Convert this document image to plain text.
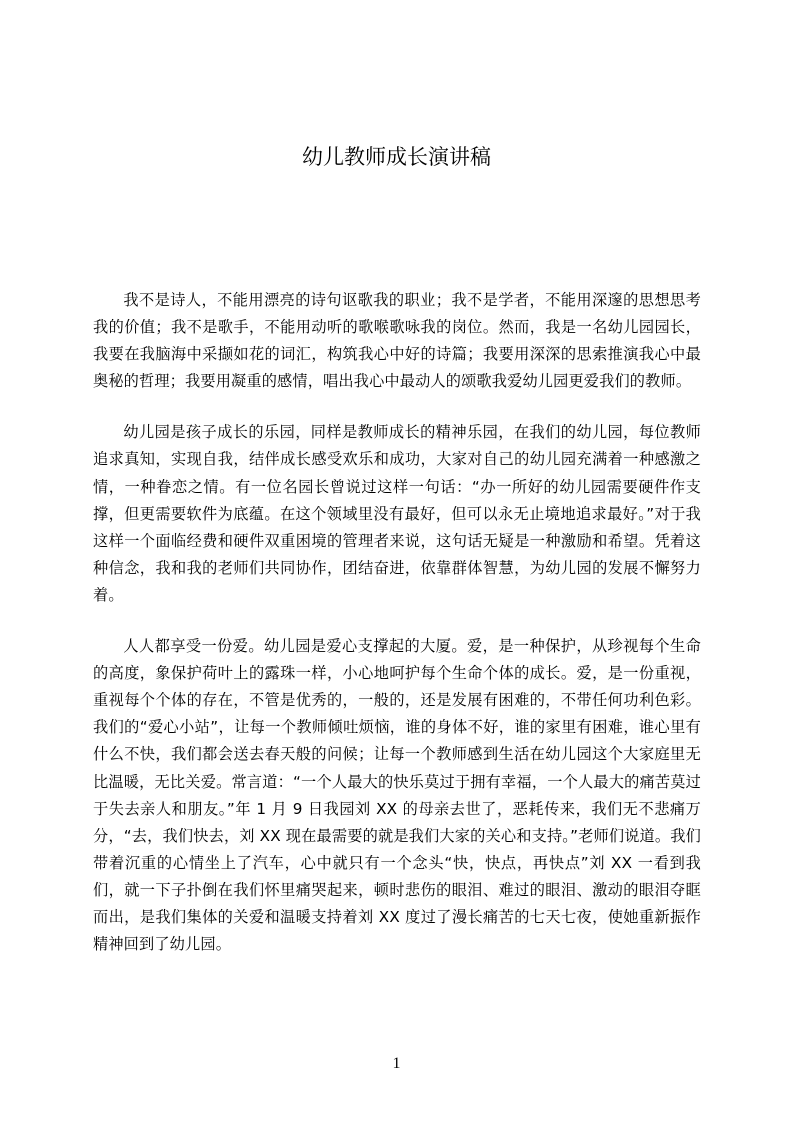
幼儿教师成长演讲稿

我不是诗人，不能用漂亮的诗句讴歌我的职业；我不是学者，不能用深邃的思想思考我的价值；我不是歌手，不能用动听的歌喉歌咏我的岗位。然而，我是一名幼儿园园长，我要在我脑海中采撷如花的词汇，构筑我心中好的诗篇；我要用深深的思索推演我心中最奥秘的哲理；我要用凝重的感情，唱出我心中最动人的颂歌我爱幼儿园更爱我们的教师。

幼儿园是孩子成长的乐园，同样是教师成长的精神乐园，在我们的幼儿园，每位教师追求真知，实现自我，结伴成长感受欢乐和成功，大家对自己的幼儿园充满着一种感激之情，一种眷恋之情。有一位名园长曾说过这样一句话：“办一所好的幼儿园需要硬件作支撑，但更需要软件为底蕴。在这个领域里没有最好，但可以永无止境地追求最好。”对于我这样一个面临经费和硬件双重困境的管理者来说，这句话无疑是一种激励和希望。凭着这种信念，我和我的老师们共同协作，团结奋进，依靠群体智慧，为幼儿园的发展不懈努力着。

人人都享受一份爱。幼儿园是爱心支撑起的大厦。爱，是一种保护，从珍视每个生命的高度，象保护荷叶上的露珠一样，小心地呵护每个生命个体的成长。爱，是一份重视，重视每个个体的存在，不管是优秀的，一般的，还是发展有困难的，不带任何功利色彩。我们的“爱心小站”，让每一个教师倾吐烦恼，谁的身体不好，谁的家里有困难，谁心里有什么不快，我们都会送去春天般的问候；让每一个教师感到生活在幼儿园这个大家庭里无比温暖，无比关爱。常言道：“一个人最大的快乐莫过于拥有幸福，一个人最大的痛苦莫过于失去亲人和朋友。”年 1 月 9 日我园刘 XX 的母亲去世了，恶耗传来，我们无不悲痛万分，“去，我们快去，刘 XX 现在最需要的就是我们大家的关心和支持。”老师们说道。我们带着沉重的心情坐上了汽车，心中就只有一个念头“快，快点，再快点”刘 XX 一看到我们，就一下子扑倒在我们怀里痛哭起来，顿时悲伤的眼泪、难过的眼泪、激动的眼泪夺眶而出，是我们集体的关爱和温暖支持着刘 XX 度过了漫长痛苦的七天七夜，使她重新振作精神回到了幼儿园。

1
